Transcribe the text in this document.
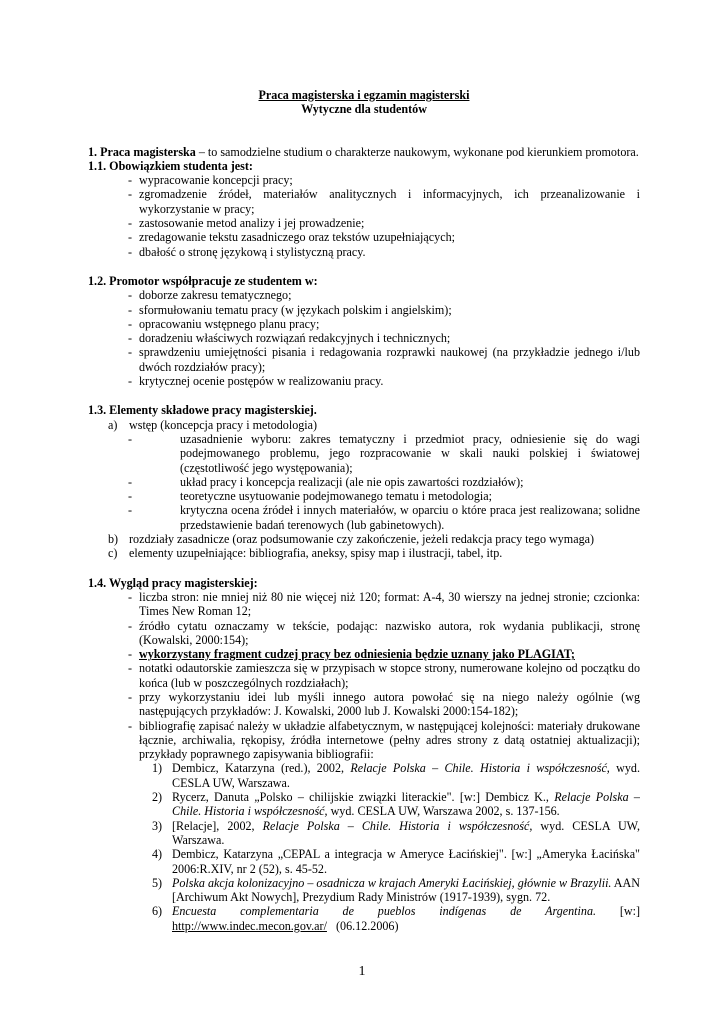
Praca magisterska i egzamin magisterski
Wytyczne dla studentów

1. Praca magisterska – to samodzielne studium o charakterze naukowym, wykonane pod kierunkiem promotora.

1.1. Obowiązkiem studenta jest:
- wypracowanie koncepcji pracy;
- zgromadzenie źródeł, materiałów analitycznych i informacyjnych, ich przeanalizowanie i wykorzystanie w pracy;
- zastosowanie metod analizy i jej prowadzenie;
- zredagowanie tekstu zasadniczego oraz tekstów uzupełniających;
- dbałość o stronę językową i stylistyczną pracy.
1.2. Promotor współpracuje ze studentem w:
- doborze zakresu tematycznego;
- sformułowaniu tematu pracy (w językach polskim i angielskim);
- opracowaniu wstępnego planu pracy;
- doradzeniu właściwych rozwiązań redakcyjnych i technicznych;
- sprawdzeniu umiejętności pisania i redagowania rozprawki naukowej (na przykładzie jednego i/lub dwóch rozdziałów pracy);
- krytycznej ocenie postępów w realizowaniu pracy.
1.3. Elementy składowe pracy magisterskiej.
a) wstęp (koncepcja pracy i metodologia)
- uzasadnienie wyboru: zakres tematyczny i przedmiot pracy, odniesienie się do wagi podejmowanego problemu, jego rozpracowanie w skali nauki polskiej i światowej (częstotliwość jego występowania);
- układ pracy i koncepcja realizacji (ale nie opis zawartości rozdziałów);
- teoretyczne usytuowanie podejmowanego tematu i metodologia;
- krytyczna ocena źródeł i innych materiałów, w oparciu o które praca jest realizowana; solidne przedstawienie badań terenowych (lub gabinetowych).
b) rozdziały zasadnicze (oraz podsumowanie czy zakończenie, jeżeli redakcja pracy tego wymaga)
c) elementy uzupełniające: bibliografia, aneksy, spisy map i ilustracji, tabel, itp.
1.4. Wygląd pracy magisterskiej:
- liczba stron: nie mniej niż 80 nie więcej niż 120; format: A-4, 30 wierszy na jednej stronie; czcionka: Times New Roman 12;
- źródło cytatu oznaczamy w tekście, podając: nazwisko autora, rok wydania publikacji, stronę (Kowalski, 2000:154);
- wykorzystany fragment cudzej pracy bez odniesienia będzie uznany jako PLAGIAT;
- notatki odautorskie zamieszcza się w przypisach w stopce strony, numerowane kolejno od początku do końca (lub w poszczególnych rozdziałach);
- przy wykorzystaniu idei lub myśli innego autora powołać się na niego należy ogólnie (wg następujących przykładów: J. Kowalski, 2000 lub J. Kowalski 2000:154-182);
- bibliografię zapisać należy w układzie alfabetycznym, w następującej kolejności: materiały drukowane łącznie, archiwalia, rękopisy, źródła internetowe (pełny adres strony z datą ostatniej aktualizacji); przykłady poprawnego zapisywania bibliografii:
1) Dembicz, Katarzyna (red.), 2002, Relacje Polska – Chile. Historia i współczesność, wyd. CESLA UW, Warszawa.
2) Rycerz, Danuta „Polsko – chilijskie związki literackie". [w:] Dembicz K., Relacje Polska – Chile. Historia i współczesność, wyd. CESLA UW, Warszawa 2002, s. 137-156.
3) [Relacje], 2002, Relacje Polska – Chile. Historia i współczesność, wyd. CESLA UW, Warszawa.
4) Dembicz, Katarzyna „CEPAL a integracja w Ameryce Łacińskiej". [w:] „Ameryka Łacińska" 2006:R.XIV, nr 2 (52), s. 45-52.
5) Polska akcja kolonizacyjno – osadnicza w krajach Ameryki Łacińskiej, głównie w Brazylii. AAN [Archiwum Akt Nowych], Prezydium Rady Ministrów (1917-1939), sygn. 72.
6) Encuesta complementaria de pueblos indígenas de Argentina. [w:] http://www.indec.mecon.gov.ar/   (06.12.2006)
1
